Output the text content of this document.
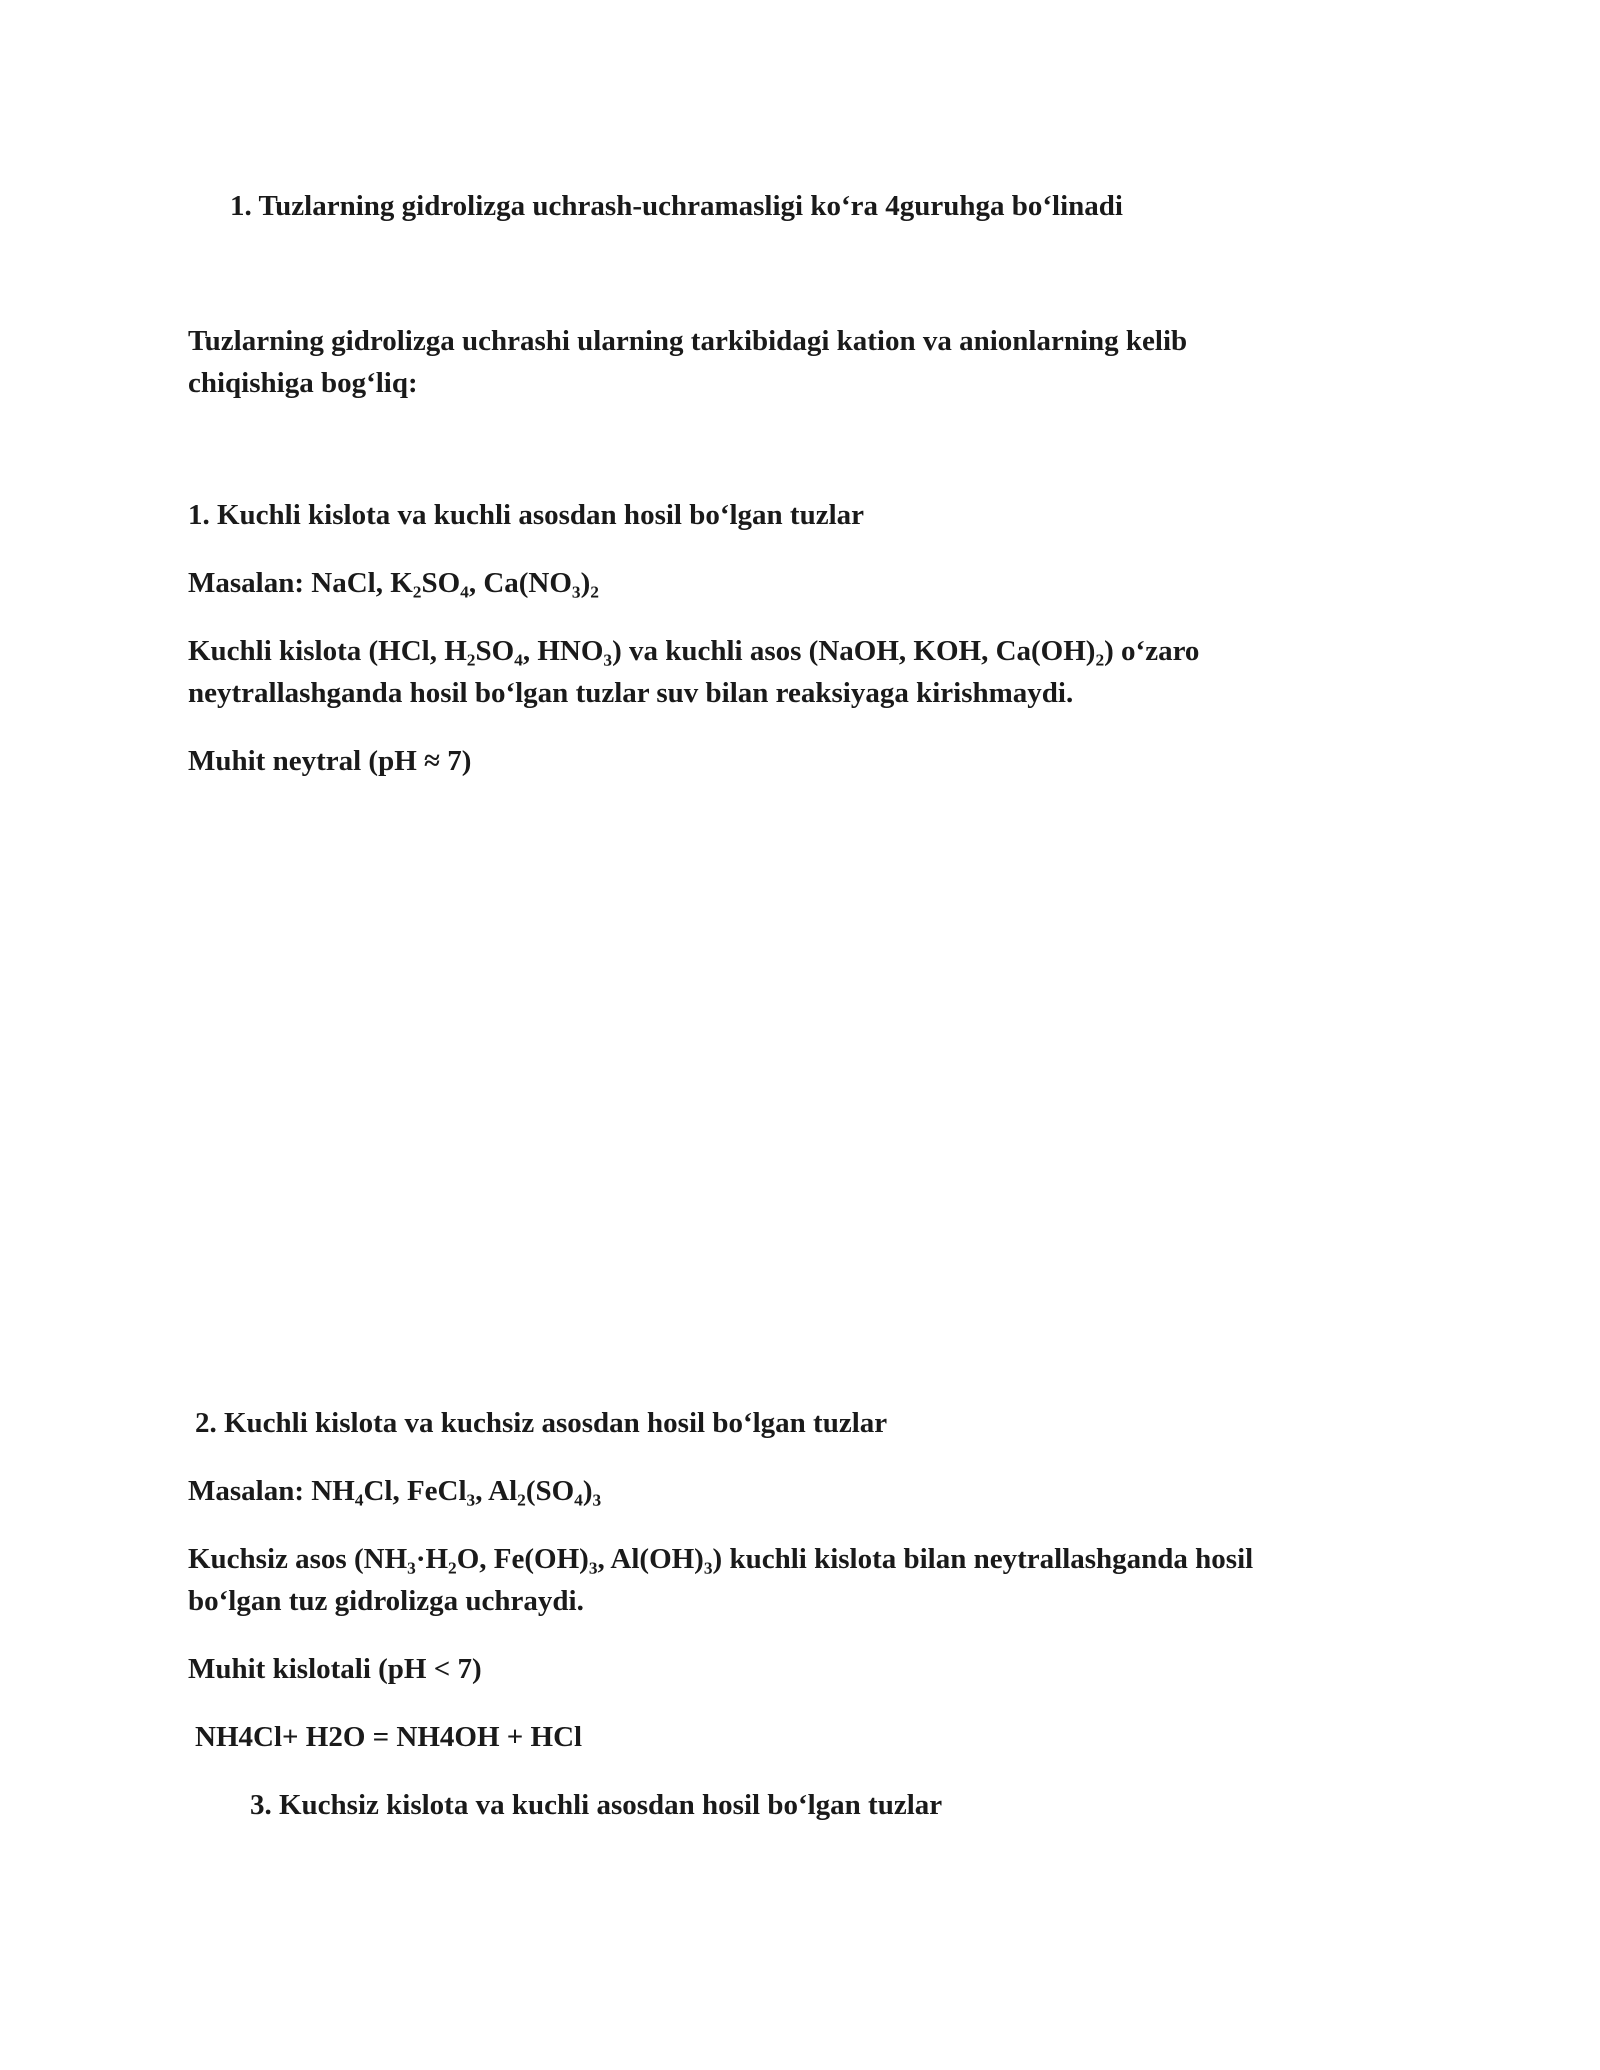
1. Tuzlarning gidrolizga uchrash-uchramasligi ko‘ra 4guruhga bo‘linadi
Tuzlarning gidrolizga uchrashi ularning tarkibidagi kation va anionlarning kelib
chiqishiga bog‘liq:
1. Kuchli kislota va kuchli asosdan hosil bo‘lgan tuzlar
Masalan: NaCl, K₂SO₄, Ca(NO₃)₂
Kuchli kislota (HCl, H₂SO₄, HNO₃) va kuchli asos (NaOH, KOH, Ca(OH)₂) o‘zaro
neytrallashganda hosil bo‘lgan tuzlar suv bilan reaksiyaga kirishmaydi.
Muhit neytral (pH ≈ 7)
2. Kuchli kislota va kuchsiz asosdan hosil bo‘lgan tuzlar
Masalan: NH₄Cl, FeCl₃, Al₂(SO₄)₃
Kuchsiz asos (NH₃·H₂O, Fe(OH)₃, Al(OH)₃) kuchli kislota bilan neytrallashganda hosil
bo‘lgan tuz gidrolizga uchraydi.
Muhit kislotali (pH < 7)
NH4Cl+ H2O = NH4OH + HCl
3. Kuchsiz kislota va kuchli asosdan hosil bo‘lgan tuzlar
